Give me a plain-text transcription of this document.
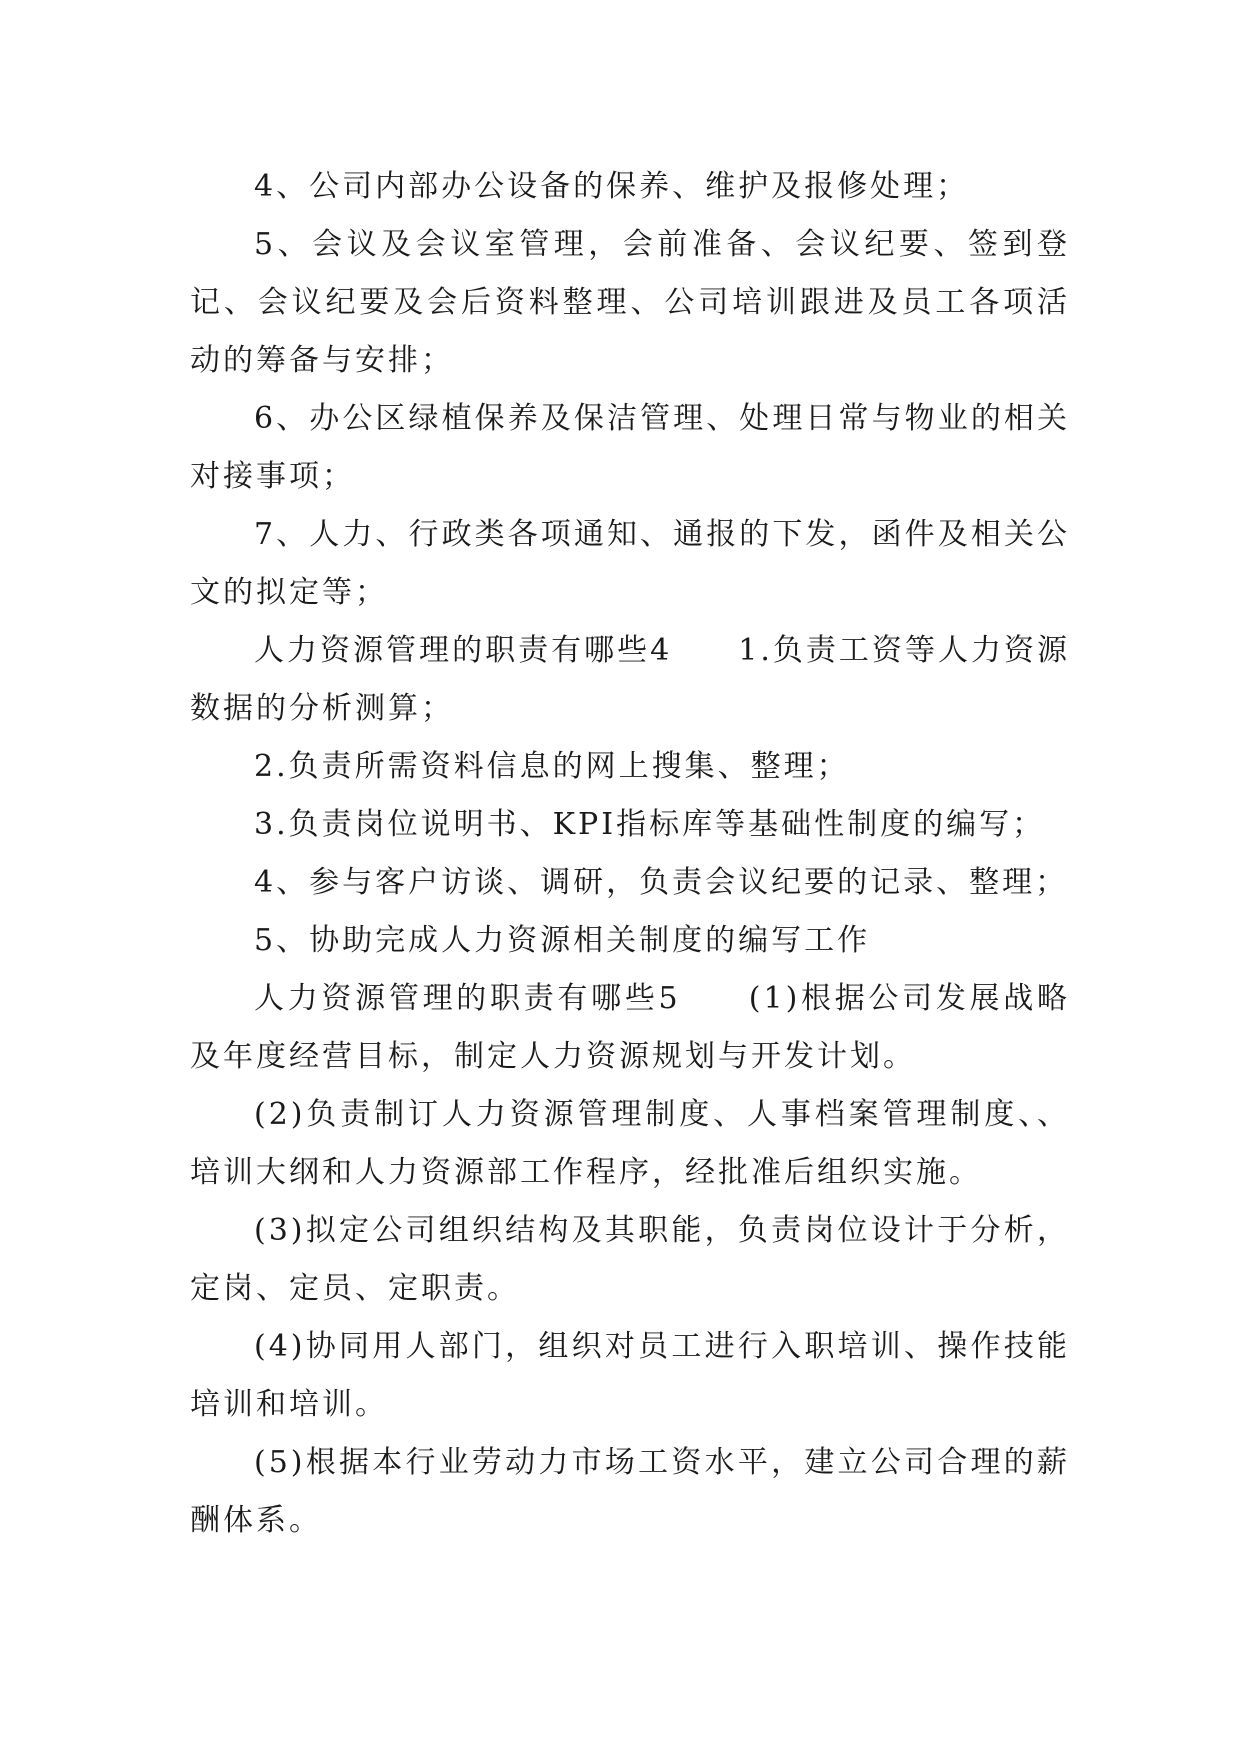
4、公司内部办公设备的保养、维护及报修处理；

5、会议及会议室管理，会前准备、会议纪要、签到登记、会议纪要及会后资料整理、公司培训跟进及员工各项活动的筹备与安排；

6、办公区绿植保养及保洁管理、处理日常与物业的相关对接事项；

7、人力、行政类各项通知、通报的下发，函件及相关公文的拟定等；

人力资源管理的职责有哪些4　　1.负责工资等人力资源数据的分析测算；

2.负责所需资料信息的网上搜集、整理；

3.负责岗位说明书、KPI指标库等基础性制度的编写；

4、参与客户访谈、调研，负责会议纪要的记录、整理；

5、协助完成人力资源相关制度的编写工作

人力资源管理的职责有哪些5　　(1)根据公司发展战略及年度经营目标，制定人力资源规划与开发计划。

(2)负责制订人力资源管理制度、人事档案管理制度、、培训大纲和人力资源部工作程序，经批准后组织实施。

(3)拟定公司组织结构及其职能，负责岗位设计于分析，定岗、定员、定职责。

(4)协同用人部门，组织对员工进行入职培训、操作技能培训和培训。

(5)根据本行业劳动力市场工资水平，建立公司合理的薪酬体系。
